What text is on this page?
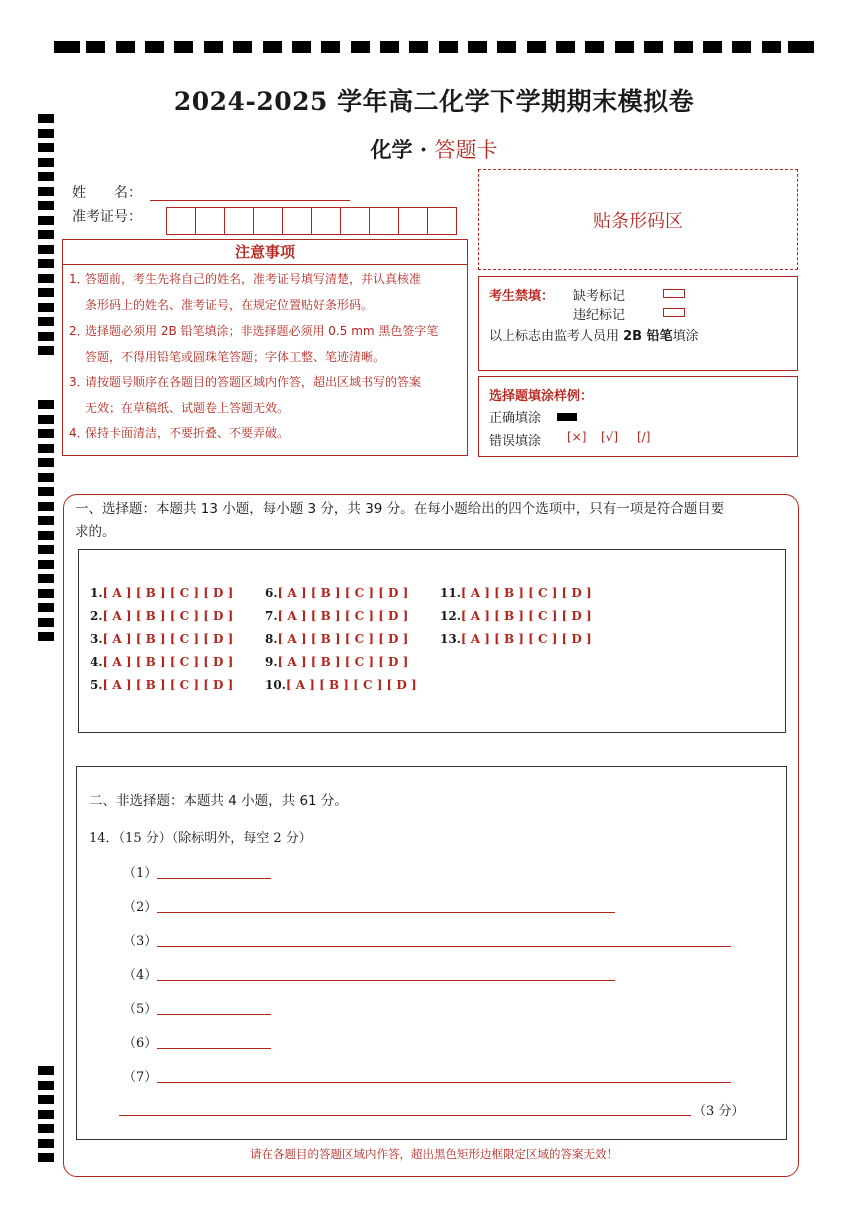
2024-2025 学年高二化学下学期期末模拟卷
化学 · 答题卡
姓　　名：
准考证号：	贴条形码区
注意事项
1．答题前，考生先将自己的姓名，准考证号填写清楚，并认真核准
条形码上的姓名、准考证号，在规定位置贴好条形码。
2．选择题必须用 2B 铅笔填涂；非选择题必须用 0.5 mm 黑色签字笔
答题，不得用铅笔或圆珠笔答题；字体工整、笔迹清晰。
3．请按题号顺序在各题目的答题区域内作答，超出区域书写的答案
无效；在草稿纸、试题卷上答题无效。
4．保持卡面清洁，不要折叠、不要弄破。
考生禁填： 缺考标记
违纪标记
以上标志由监考人员用 2B 铅笔填涂
选择题填涂样例：
正确填涂
错误填涂 [×] [√] [/]
一、选择题：本题共 13 小题，每小题 3 分，共 39 分。在每小题给出的四个选项中，只有一项是符合题目要
求的。
1.[ A ] [ B ] [ C ] [ D ]
2.[ A ] [ B ] [ C ] [ D ]
3.[ A ] [ B ] [ C ] [ D ]
4.[ A ] [ B ] [ C ] [ D ]
5.[ A ] [ B ] [ C ] [ D ]
6.[ A ] [ B ] [ C ] [ D ]
7.[ A ] [ B ] [ C ] [ D ]
8.[ A ] [ B ] [ C ] [ D ]
9.[ A ] [ B ] [ C ] [ D ]
10.[ A ] [ B ] [ C ] [ D ]
11.[ A ] [ B ] [ C ] [ D ]
12.[ A ] [ B ] [ C ] [ D ]
13.[ A ] [ B ] [ C ] [ D ]
二、非选择题：本题共 4 小题，共 61 分。
14．（15 分）（除标明外，每空 2 分）
（1）
（2）
（3）
（4）
（5）
（6）
（7）
（3 分）
请在各题目的答题区域内作答，超出黑色矩形边框限定区域的答案无效！
